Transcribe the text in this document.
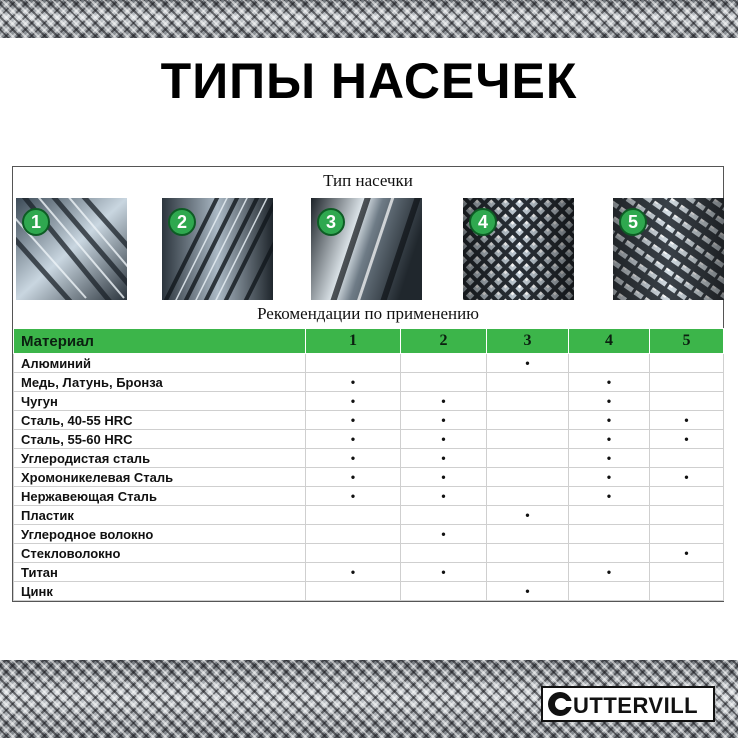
ТИПЫ НАСЕЧЕК
Тип насечки
1	2	3	4	5
Рекомендации по применению
Материал	1	2	3	4	5
Алюминий			•		
Медь, Латунь, Бронза	•			•	
Чугун	•	•		•	
Сталь, 40-55 HRC	•	•		•	•
Сталь, 55-60 HRC	•	•		•	•
Углеродистая сталь	•	•		•	
Хромоникелевая Сталь	•	•		•	•
Нержавеющая Сталь	•	•		•	
Пластик			•		
Углеродное волокно		•			
Стекловолокно					•
Титан	•	•		•	
Цинк			•		
UTTERVILL
